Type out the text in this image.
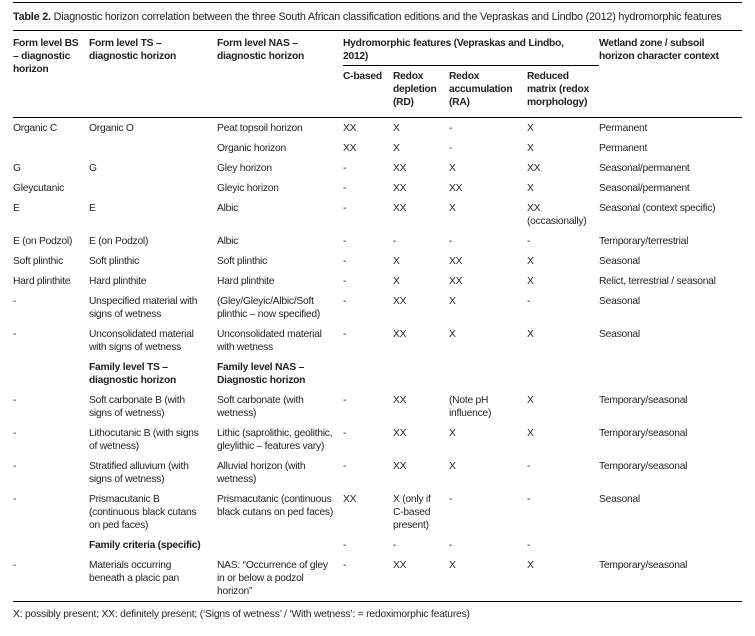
Table 2. Diagnostic horizon correlation between the three South African classification editions and the Vepraskas and Lindbo (2012) hydromorphic features

Form level BS – diagnostic horizon	Form level TS – diagnostic horizon	Form level NAS – diagnostic horizon	Hydromorphic features (Vepraskas and Lindbo, 2012)				Wetland zone / subsoil horizon character context
			C-based	Redox depletion (RD)	Redox accumulation (RA)	Reduced matrix (redox morphology)	
Organic C	Organic O	Peat topsoil horizon	XX	X	-	X	Permanent
		Organic horizon	XX	X	-	X	Permanent
G	G	Gley horizon	-	XX	X	XX	Seasonal/permanent
Gleycutanic		Gleyic horizon	-	XX	XX	X	Seasonal/permanent
E	E	Albic	-	XX	X	XX (occasionally)	Seasonal (context specific)
E (on Podzol)	E (on Podzol)	Albic	-	-	-	-	Temporary/terrestrial
Soft plinthic	Soft plinthic	Soft plinthic	-	X	XX	X	Seasonal
Hard plinthite	Hard plinthite	Hard plinthite	-	X	XX	X	Relict, terrestrial / seasonal
-	Unspecified material with signs of wetness	(Gley/Gleyic/Albic/Soft plinthic – now specified)	-	XX	X	-	Seasonal
-	Unconsolidated material with signs of wetness	Unconsolidated material with wetness	-	XX	X	X	Seasonal
	Family level TS – diagnostic horizon	Family level NAS – Diagnostic horizon					
-	Soft carbonate B (with signs of wetness)	Soft carbonate (with wetness)	-	XX	(Note pH influence)	X	Temporary/seasonal
-	Lithocutanic B (with signs of wetness)	Lithic (saprolithic, geolithic, gleylithic – features vary)	-	XX	X	X	Temporary/seasonal
-	Stratified alluvium (with signs of wetness)	Alluvial horizon (with wetness)	-	XX	X	-	Temporary/seasonal
-	Prismacutanic B (continuous black cutans on ped faces)	Prismacutanic (continuous black cutans on ped faces)	XX	X (only if C-based present)	-	-	Seasonal
	Family criteria (specific)		-	-	-	-	
-	Materials occurring beneath a placic pan	NAS: “Occurrence of gley in or below a podzol horizon”	-	XX	X	X	Temporary/seasonal

X: possibly present; XX: definitely present; (‘Signs of wetness’ / ‘With wetness’: = redoximorphic features)
